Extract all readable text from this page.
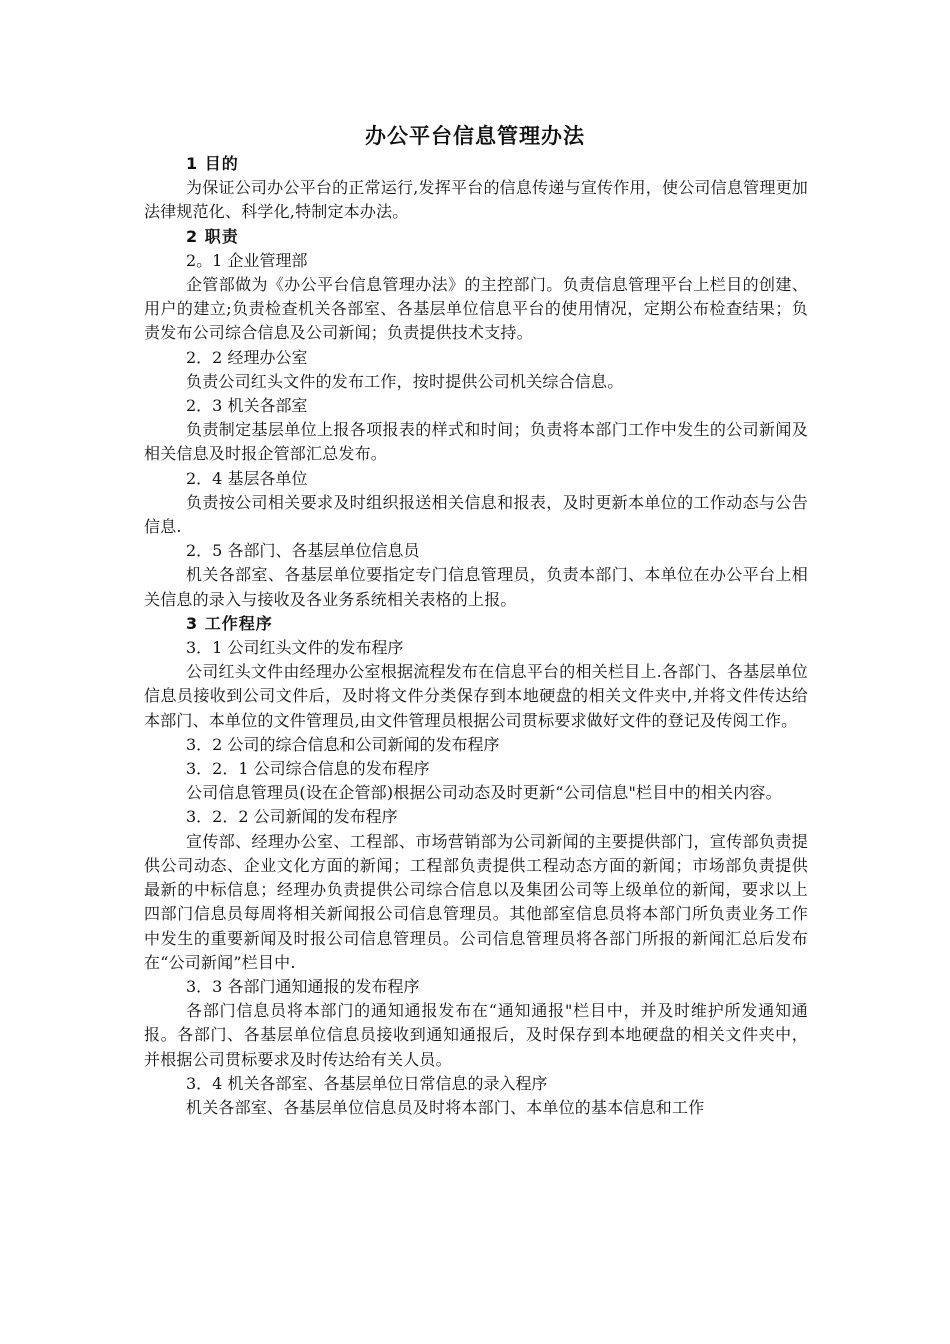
办公平台信息管理办法

1 目的

为保证公司办公平台的正常运行,发挥平台的信息传递与宣传作用，使公司信息管理更加法律规范化、科学化,特制定本办法。

2 职责

2。1 企业管理部

企管部做为《办公平台信息管理办法》的主控部门。负责信息管理平台上栏目的创建、用户的建立;负责检查机关各部室、各基层单位信息平台的使用情况，定期公布检查结果；负责发布公司综合信息及公司新闻；负责提供技术支持。

2．2 经理办公室

负责公司红头文件的发布工作，按时提供公司机关综合信息。

2．3 机关各部室

负责制定基层单位上报各项报表的样式和时间；负责将本部门工作中发生的公司新闻及相关信息及时报企管部汇总发布。

2．4 基层各单位

负责按公司相关要求及时组织报送相关信息和报表，及时更新本单位的工作动态与公告信息.

2．5 各部门、各基层单位信息员

机关各部室、各基层单位要指定专门信息管理员，负责本部门、本单位在办公平台上相关信息的录入与接收及各业务系统相关表格的上报。

3 工作程序

3．1 公司红头文件的发布程序

公司红头文件由经理办公室根据流程发布在信息平台的相关栏目上.各部门、各基层单位信息员接收到公司文件后，及时将文件分类保存到本地硬盘的相关文件夹中,并将文件传达给本部门、本单位的文件管理员,由文件管理员根据公司贯标要求做好文件的登记及传阅工作。

3．2 公司的综合信息和公司新闻的发布程序

3．2．1 公司综合信息的发布程序

公司信息管理员(设在企管部)根据公司动态及时更新“公司信息"栏目中的相关内容。

3．2．2 公司新闻的发布程序

宣传部、经理办公室、工程部、市场营销部为公司新闻的主要提供部门，宣传部负责提供公司动态、企业文化方面的新闻；工程部负责提供工程动态方面的新闻；市场部负责提供最新的中标信息；经理办负责提供公司综合信息以及集团公司等上级单位的新闻，要求以上四部门信息员每周将相关新闻报公司信息管理员。其他部室信息员将本部门所负责业务工作中发生的重要新闻及时报公司信息管理员。公司信息管理员将各部门所报的新闻汇总后发布在“公司新闻”栏目中.

3．3 各部门通知通报的发布程序

各部门信息员将本部门的通知通报发布在“通知通报"栏目中，并及时维护所发通知通报。各部门、各基层单位信息员接收到通知通报后，及时保存到本地硬盘的相关文件夹中，并根据公司贯标要求及时传达给有关人员。

3．4 机关各部室、各基层单位日常信息的录入程序

机关各部室、各基层单位信息员及时将本部门、本单位的基本信息和工作
